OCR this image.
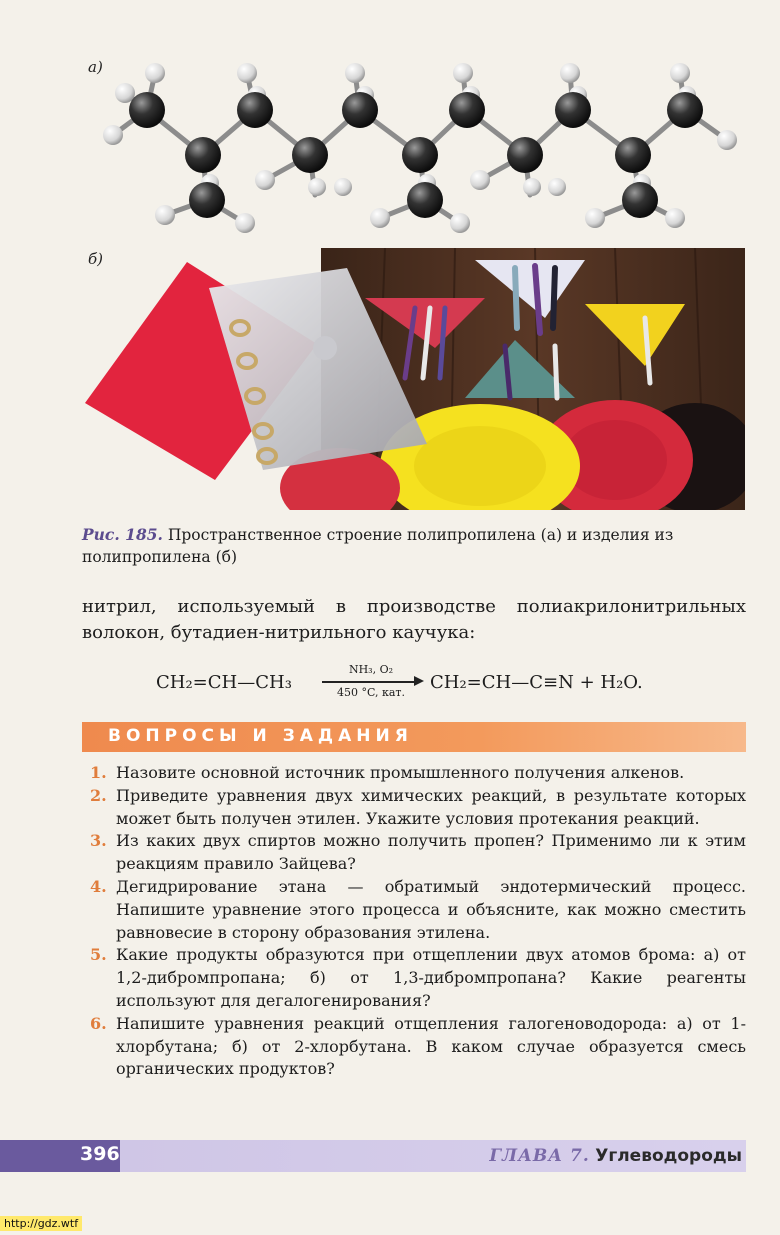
а)
б)
Рис. 185. Пространственное строение полипропилена (а) и изделия из полипропилена (б)
нитрил, используемый в производстве полиакрилонитрильных волокон, бутадиен-нитрильного каучука:
CH₂=CH—CH₃
NH₃, O₂
450 °C, кат.	CH₂=CH—C≡N + H₂O.
ВОПРОСЫ И ЗАДАНИЯ
1. Назовите основной источник промышленного получения алкенов.
2. Приведите уравнения двух химических реакций, в результате которых может быть получен этилен. Укажите условия протекания реакций.
3. Из каких двух спиртов можно получить пропен? Применимо ли к этим реакциям правило Зайцева?
4. Дегидрирование этана — обратимый эндотермический процесс. Напишите уравнение этого процесса и объясните, как можно сместить равновесие в сторону образования этилена.
5. Какие продукты образуются при отщеплении двух атомов брома: а) от 1,2-дибромпропана; б) от 1,3-дибромпропана? Какие реагенты используют для дегалогенирования?
6. Напишите уравнения реакций отщепления галогеноводорода: а) от 1-хлорбутана; б) от 2-хлорбутана. В каком случае образуется смесь органических продуктов?
396	ГЛАВА 7. Углеводороды
http://gdz.wtf
